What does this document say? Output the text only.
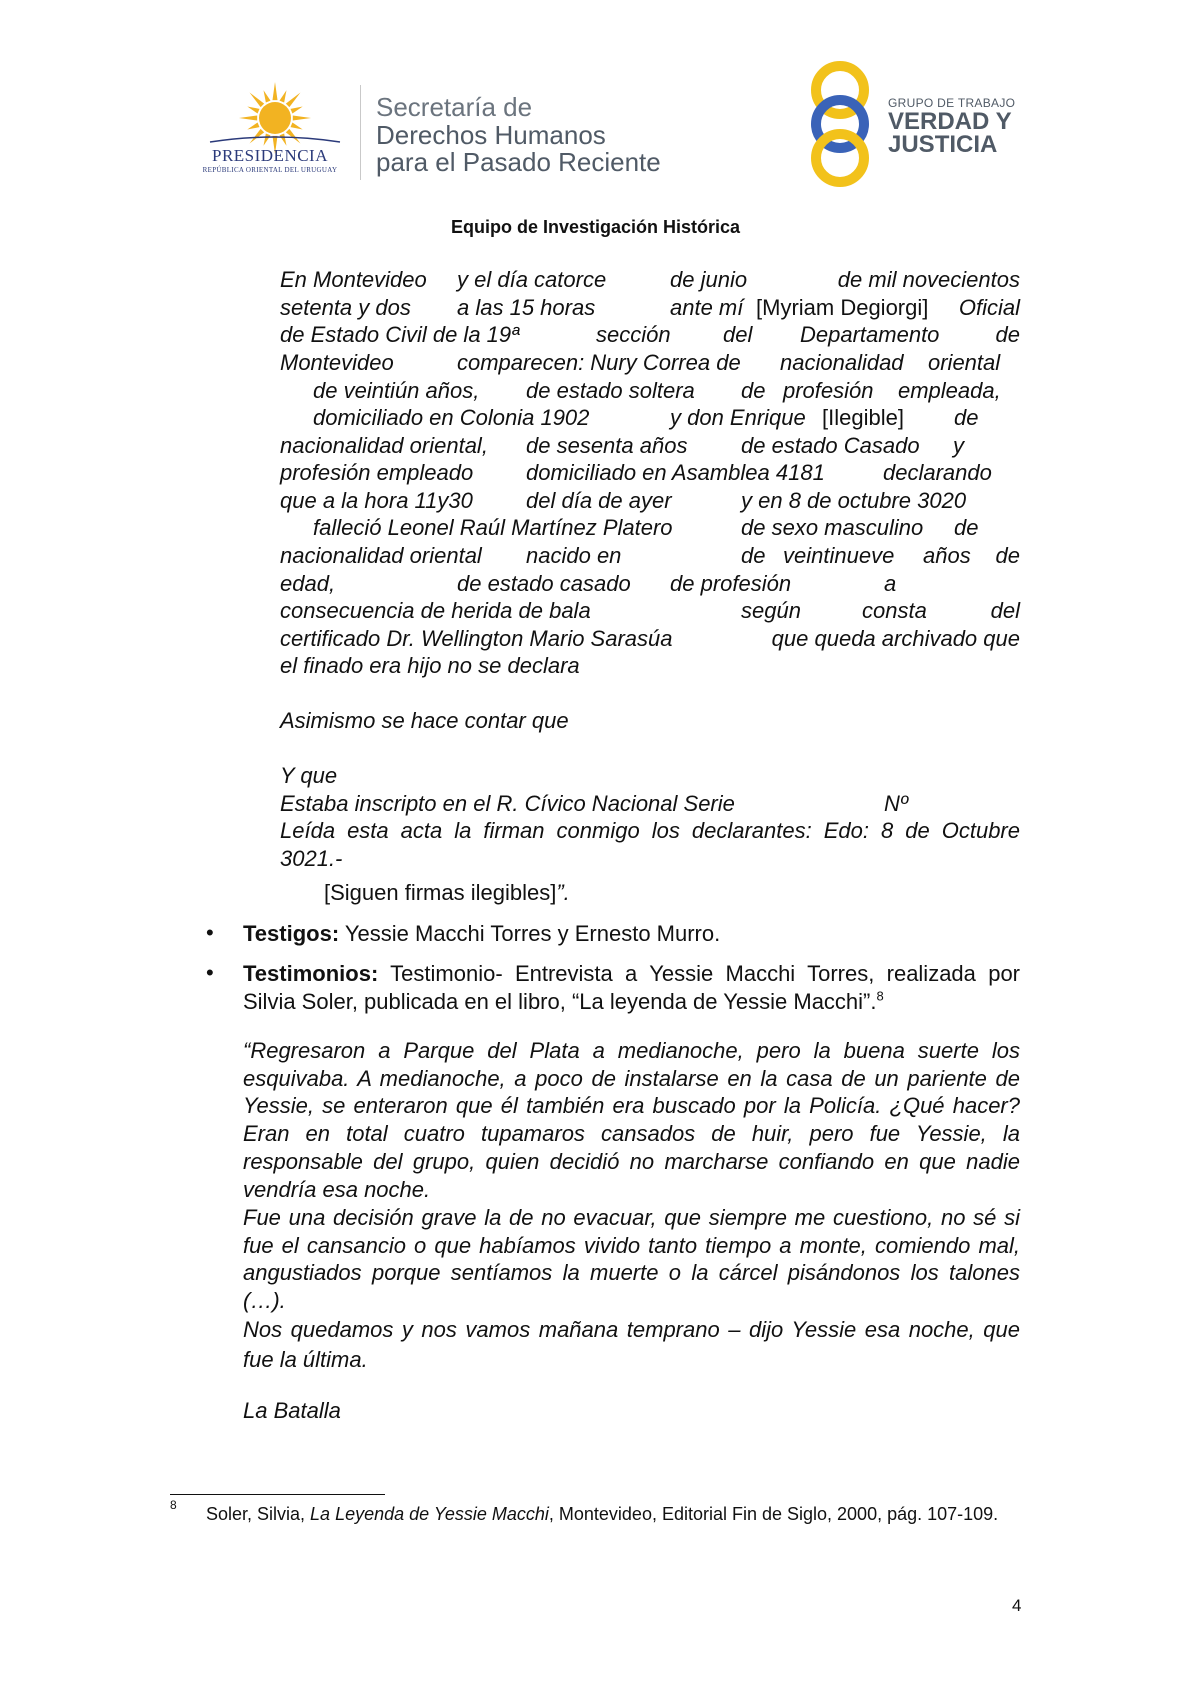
PRESIDENCIA
REPÚBLICA ORIENTAL DEL URUGUAY
Secretaría de
Derechos Humanos
para el Pasado Reciente
GRUPO DE TRABAJO
VERDAD Y
JUSTICIA
Equipo de Investigación Histórica
En Montevideo y el día catorce	de junio	de mil novecientos
setenta y dos a las 15 horas	ante mí [Myriam Degiorgi] Oficial
de Estado Civil de la 19ª	sección del Departamento	de
Montevideo	comparecen: Nury Correa de nacionalidad oriental
de veintiún años, de estado soltera de profesión empleada,
domiciliado en Colonia 1902	y don Enrique [Ilegible] de
nacionalidad oriental, de sesenta años de estado Casado y
profesión empleado domiciliado en Asamblea 4181	declarando
que a la hora 11y30 del día de ayer	y en 8 de octubre 3020
falleció Leonel Raúl Martínez Platero	de sexo masculino de
nacionalidad oriental nacido en	de veintinueve años de
edad,	de estado casado de profesión	a
consecuencia de herida de bala	según	consta	del
certificado Dr. Wellington Mario Sarasúa	que queda archivado que
el finado era hijo no se declara
Asimismo se hace contar que
Y que
Estaba inscripto en el R. Cívico Nacional Serie	Nº
Leída esta acta la firman conmigo los declarantes: Edo: 8 de Octubre
3021.-
[Siguen firmas ilegibles]”.
• Testigos: Yessie Macchi Torres y Ernesto Murro.
• Testimonios: Testimonio- Entrevista a Yessie Macchi Torres, realizada por Silvia Soler, publicada en el libro, “La leyenda de Yessie Macchi”.$^8$
“Regresaron a Parque del Plata a medianoche, pero la buena suerte los esquivaba. A medianoche, a poco de instalarse en la casa de un pariente de Yessie, se enteraron que él también era buscado por la Policía. ¿Qué hacer? Eran en total cuatro tupamaros cansados de huir, pero fue Yessie, la responsable del grupo, quien decidió no marcharse confiando en que nadie vendría esa noche.
Fue una decisión grave la de no evacuar, que siempre me cuestiono, no sé si fue el cansancio o que habíamos vivido tanto tiempo a monte, comiendo mal, angustiados porque sentíamos la muerte o la cárcel pisándonos los talones (…).
Nos quedamos y nos vamos mañana temprano – dijo Yessie esa noche, que fue la última.
La Batalla
8 Soler, Silvia, La Leyenda de Yessie Macchi, Montevideo, Editorial Fin de Siglo, 2000, pág. 107-109.
4
